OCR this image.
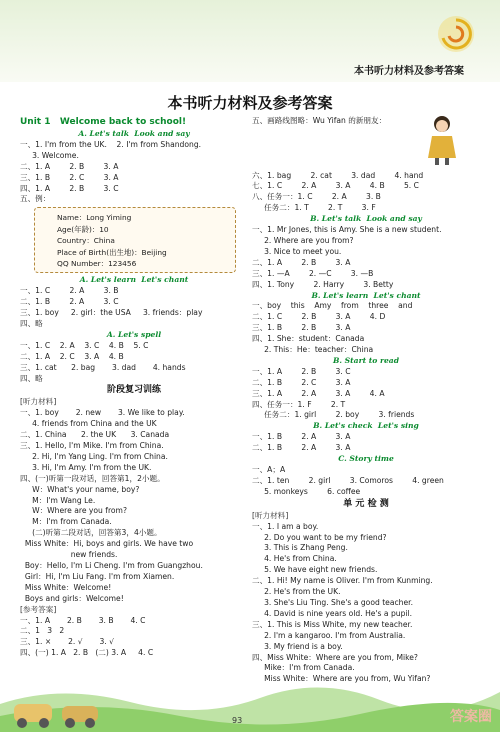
本书听力材料及参考答案
本书听力材料及参考答案
Unit 1   Welcome back to school!
A. Let's talk  Look and say
一、1. I'm from the UK.    2. I'm from Shandong.
3. Welcome.
二、1. A        2. B        3. A
三、1. B        2. C        3. A
四、1. A        2. B        3. C
五、例：
Name：Long Yiming
Age(年龄)：10
Country：China
Place of Birth(出生地)：Beijing
QQ Number：123456
A. Let's learn  Let's chant
一、1. C        2. A        3. B
二、1. B        2. A        3. C
三、1. boy     2. girl：the USA     3. friends：play
四、略
A. Let's spell
一、1. C    2. A    3. C    4. B    5. C
二、1. A    2. C    3. A    4. B
三、1. cat      2. bag       3. dad       4. hands
四、略
阶段复习训练
[听力材料]
一、1. boy       2. new       3. We like to play.
4. friends from China and the UK
二、1. China      2. the UK      3. Canada
三、1. Hello, I'm Mike. I'm from China.
2. Hi, I'm Yang Ling. I'm from China.
3. Hi, I'm Amy. I'm from the UK.
四、(一)听第一段对话，回答第1，2小题。
W：What's your name, boy?
M：I'm Wang Le.
W：Where are you from?
M：I'm from Canada.
(二)听第二段对话，回答第3，4小题。
Miss White：Hi, boys and girls. We have two
new friends.
Boy：Hello, I'm Li Cheng. I'm from Guangzhou.
Girl：Hi, I'm Liu Fang. I'm from Xiamen.
Miss White：Welcome!
Boys and girls：Welcome!
[参考答案]
一、1. A       2. B       3. B       4. C
二、1   3   2
三、1. ×       2. √       3. √
四、(一) 1. A   2. B   (二) 3. A     4. C
五、画路线图略：Wu Yifan 的新朋友：

六、1. bag        2. cat        3. dad        4. hand
七、1. C        2. A        3. A        4. B        5. C
八、任务一：1. C        2. A        3. B
任务二：1. T        2. T        3. F
B. Let's talk  Look and say
一、1. Mr Jones, this is Amy. She is a new student.
2. Where are you from?
3. Nice to meet you.
二、1. A        2. B        3. A
三、1. —A        2. —C        3. —B
四、1. Tony        2. Harry        3. Betty
B. Let's learn  Let's chant
一、boy    this    Amy    from    three    and
二、1. C        2. B        3. A        4. D
三、1. B        2. B        3. A
四、1. She：student：Canada
2. This：He：teacher：China
B. Start to read
一、1. A        2. B        3. C
二、1. B        2. C        3. A
三、1. A        2. A        3. A        4. A
四、任务一：1. F        2. T
任务二：1. girl        2. boy        3. friends
B. Let's check  Let's sing
一、1. B        2. A        3. A
二、1. B        2. A        3. A
C. Story time
一、A；A
二、1. ten        2. girl        3. Comoros        4. green
5. monkeys        6. coffee
单 元 检 测
[听力材料]
一、1. I am a boy.
2. Do you want to be my friend?
3. This is Zhang Peng.
4. He's from China.
5. We have eight new friends.
二、1. Hi! My name is Oliver. I'm from Kunming.
2. He's from the UK.
3. She's Liu Ting. She's a good teacher.
4. David is nine years old. He's a pupil.
三、1. This is Miss White, my new teacher.
2. I'm a kangaroo. I'm from Australia.
3. My friend is a boy.
四、Miss White：Where are you from, Mike?
Mike：I'm from Canada.
Miss White：Where are you from, Wu Yifan?
93	答案圈
